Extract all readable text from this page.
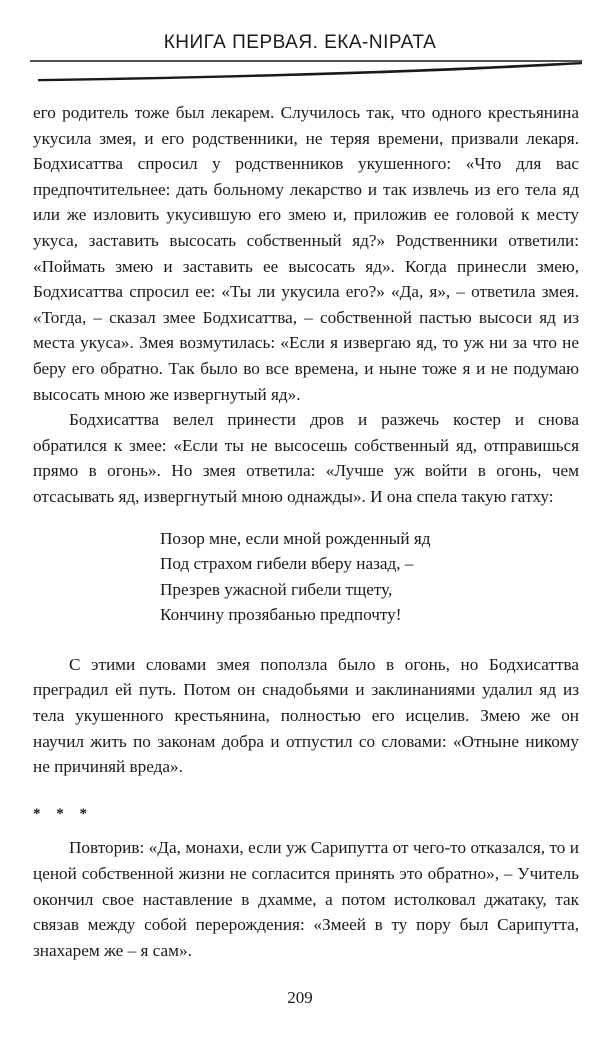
КНИГА ПЕРВАЯ. ЕКА-NIPATA

его родитель тоже был лекарем. Случилось так, что одного крестьянина укусила змея, и его родственники, не теряя времени, призвали лекаря. Бодхисаттва спросил у родственников укушенного: «Что для вас предпочтительнее: дать больному лекарство и так извлечь из его тела яд или же изловить укусившую его змею и, приложив ее головой к месту укуса, заставить высосать собственный яд?» Родственники ответили: «Поймать змею и заставить ее высосать яд». Когда принесли змею, Бодхисаттва спросил ее: «Ты ли укусила его?» «Да, я», – ответила змея. «Тогда, – сказал змее Бодхисаттва, – собственной пастью высоси яд из места укуса». Змея возмутилась: «Если я извергаю яд, то уж ни за что не беру его обратно. Так было во все времена, и ныне тоже я и не подумаю высосать мною же извергнутый яд».

Бодхисаттва велел принести дров и разжечь костер и снова обратился к змее: «Если ты не высосешь собственный яд, отправишься прямо в огонь». Но змея ответила: «Лучше уж войти в огонь, чем отсасывать яд, извергнутый мною однажды». И она спела такую гатху:

Позор мне, если мной рожденный яд
Под страхом гибели вберу назад, –
Презрев ужасной гибели тщету,
Кончину прозябанью предпочту!

С этими словами змея поползла было в огонь, но Бодхисаттва преградил ей путь. Потом он снадобьями и заклинаниями удалил яд из тела укушенного крестьянина, полностью его исцелив. Змею же он научил жить по законам добра и отпустил со словами: «Отныне никому не причиняй вреда».

* * *

Повторив: «Да, монахи, если уж Сарипутта от чего-то отказался, то и ценой собственной жизни не согласится принять это обратно», – Учитель окончил свое наставление в дхамме, а потом истолковал джатаку, так связав между собой перерождения: «Змеей в ту пору был Сарипутта, знахарем же – я сам».

209
